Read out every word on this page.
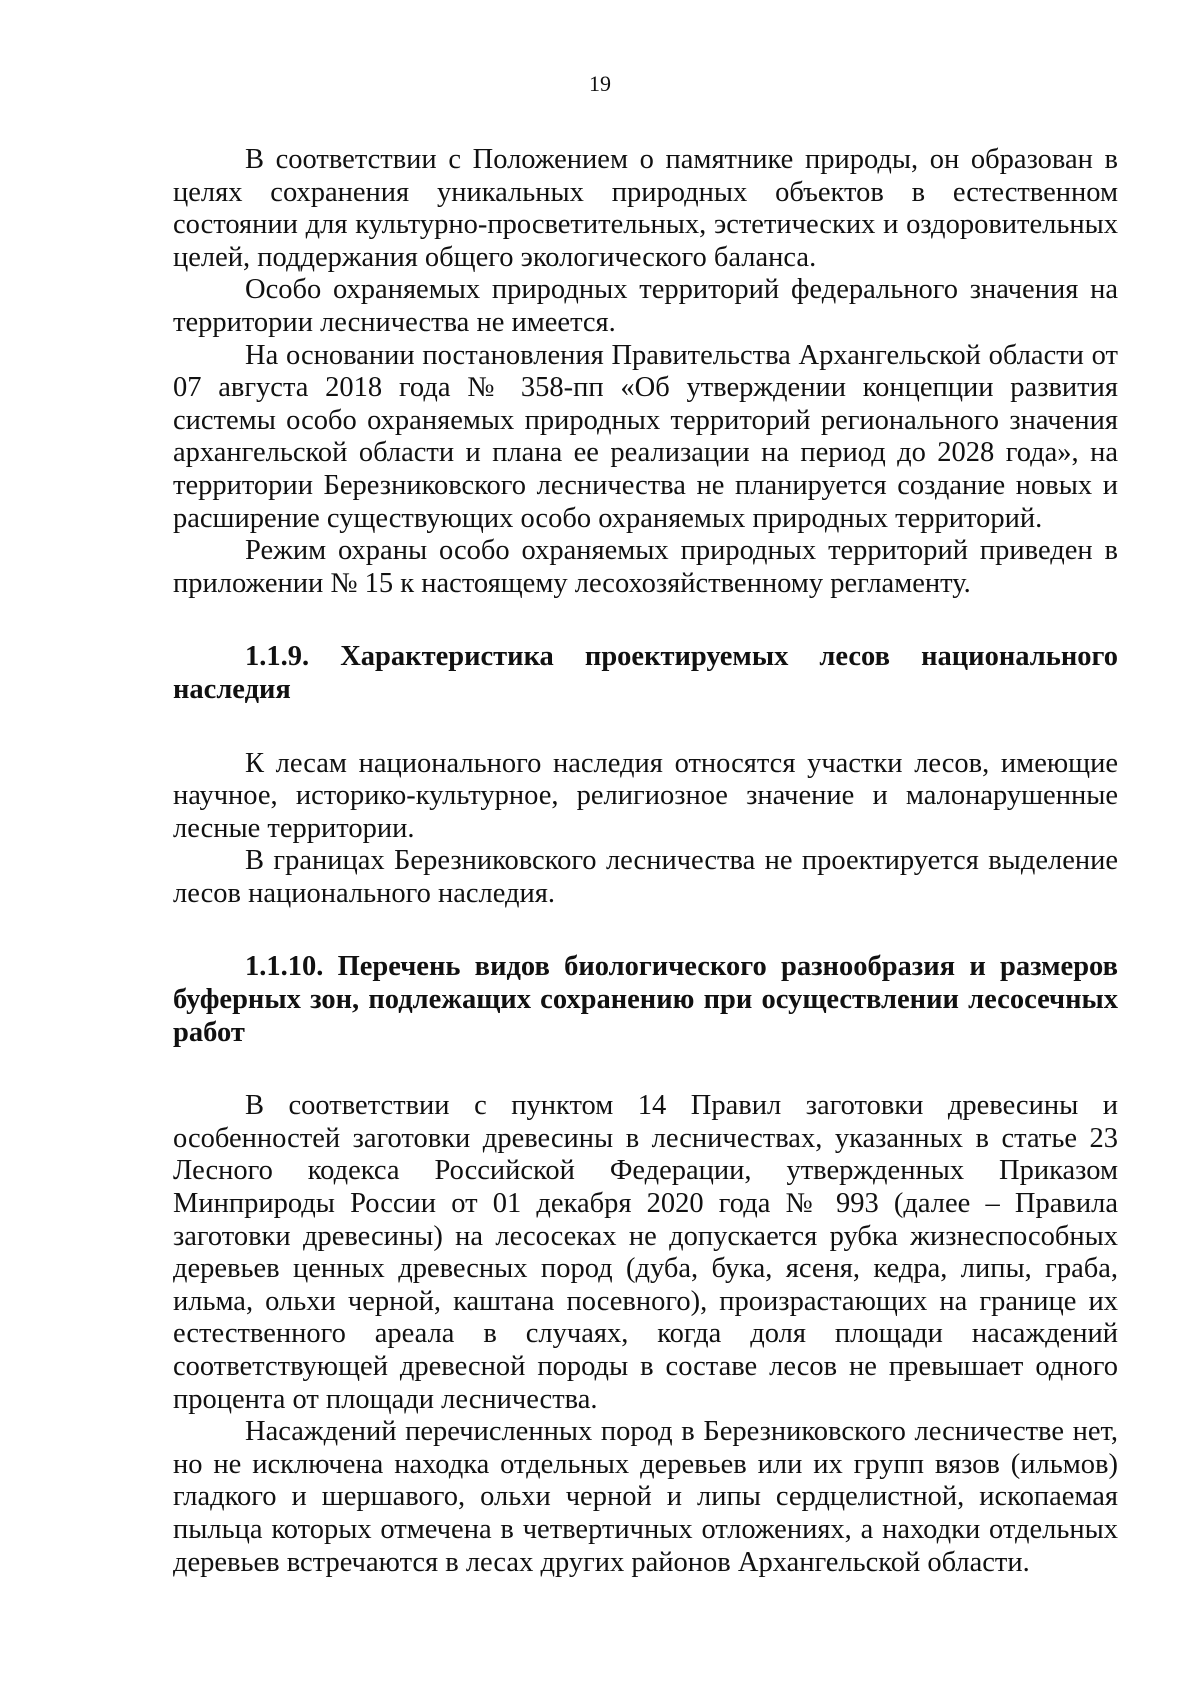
19

В соответствии с Положением о памятнике природы, он образован в целях сохранения уникальных природных объектов в естественном состоянии для культурно-просветительных, эстетических и оздоровительных целей, поддержания общего экологического баланса.

Особо охраняемых природных территорий федерального значения на территории лесничества не имеется.

На основании постановления Правительства Архангельской области от 07 августа 2018 года № 358-пп «Об утверждении концепции развития системы особо охраняемых природных территорий регионального значения архангельской области и плана ее реализации на период до 2028 года», на территории Березниковского лесничества не планируется создание новых и расширение существующих особо охраняемых природных территорий.

Режим охраны особо охраняемых природных территорий приведен в приложении № 15 к настоящему лесохозяйственному регламенту.

1.1.9. Характеристика проектируемых лесов национального наследия

К лесам национального наследия относятся участки лесов, имеющие научное, историко-культурное, религиозное значение и малонарушенные лесные территории.

В границах Березниковского лесничества не проектируется выделение лесов национального наследия.

1.1.10. Перечень видов биологического разнообразия и размеров буферных зон, подлежащих сохранению при осуществлении лесосечных работ

В соответствии с пунктом 14 Правил заготовки древесины и особенностей заготовки древесины в лесничествах, указанных в статье 23 Лесного кодекса Российской Федерации, утвержденных Приказом Минприроды России от 01 декабря 2020 года № 993 (далее – Правила заготовки древесины) на лесосеках не допускается рубка жизнеспособных деревьев ценных древесных пород (дуба, бука, ясеня, кедра, липы, граба, ильма, ольхи черной, каштана посевного), произрастающих на границе их естественного ареала в случаях, когда доля площади насаждений соответствующей древесной породы в составе лесов не превышает одного процента от площади лесничества.

Насаждений перечисленных пород в Березниковского лесничестве нет, но не исключена находка отдельных деревьев или их групп вязов (ильмов) гладкого и шершавого, ольхи черной и липы сердцелистной, ископаемая пыльца которых отмечена в четвертичных отложениях, а находки отдельных деревьев встречаются в лесах других районов Архангельской области.
